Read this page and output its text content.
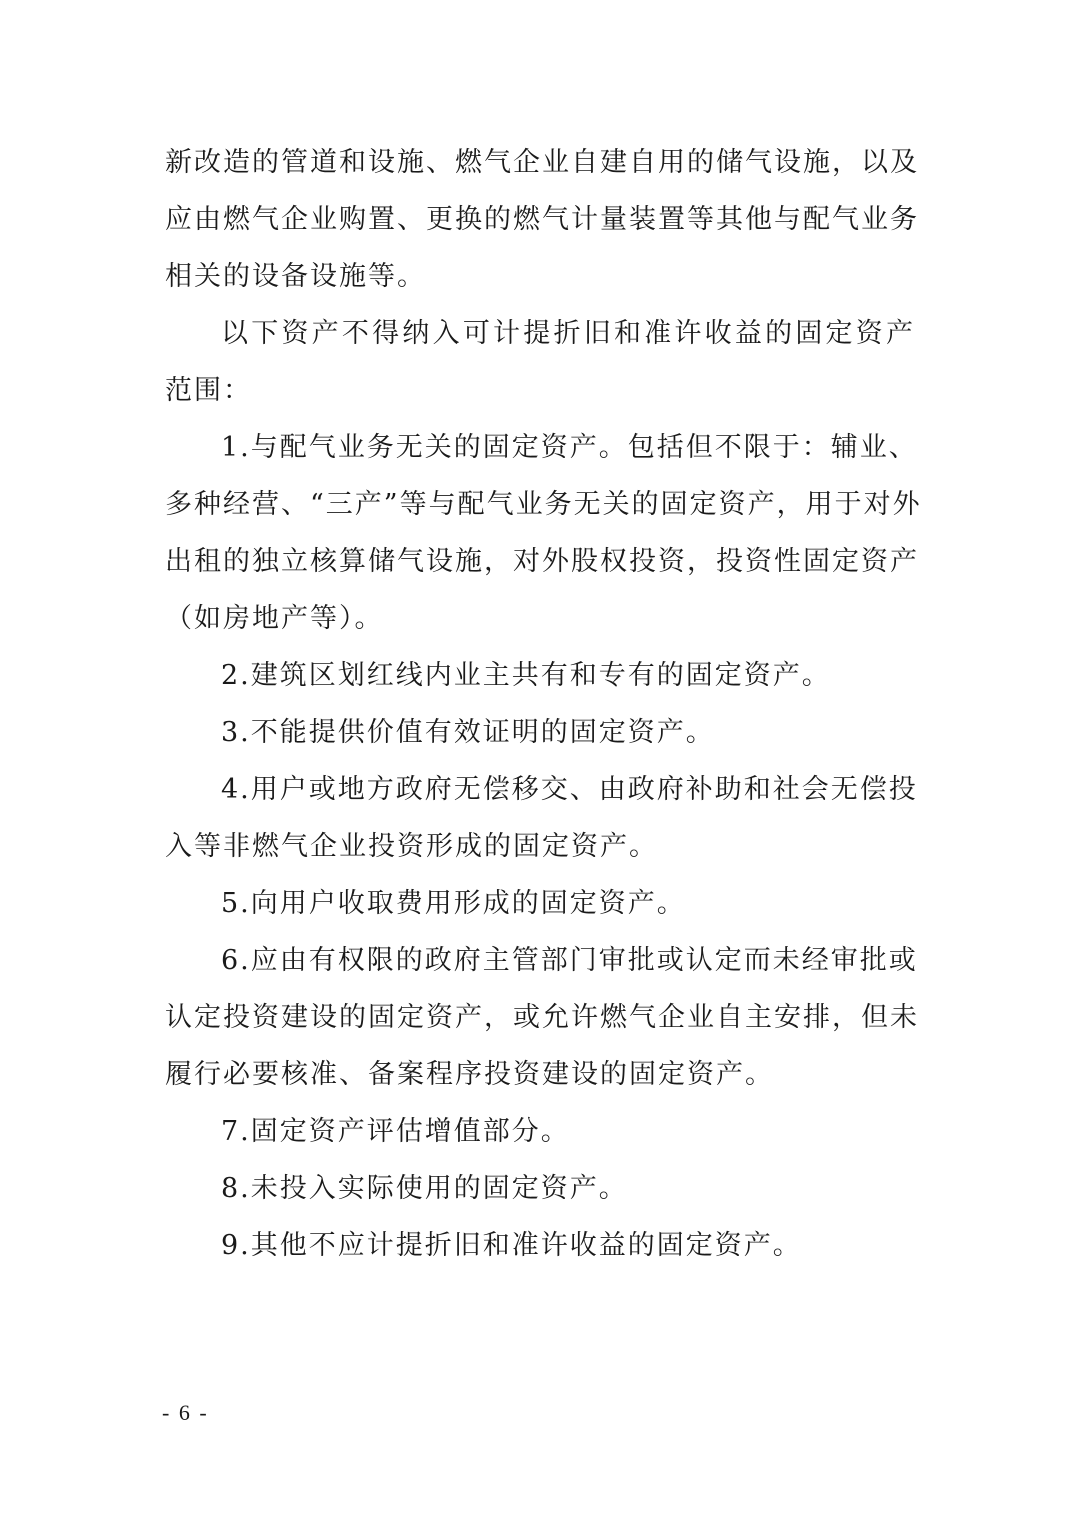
新改造的管道和设施、燃气企业自建自用的储气设施，以及
应由燃气企业购置、更换的燃气计量装置等其他与配气业务
相关的设备设施等。
以下资产不得纳入可计提折旧和准许收益的固定资产
范围：
1.与配气业务无关的固定资产。包括但不限于：辅业、
多种经营、“三产”等与配气业务无关的固定资产，用于对外
出租的独立核算储气设施，对外股权投资，投资性固定资产
（如房地产等）。
2.建筑区划红线内业主共有和专有的固定资产。
3.不能提供价值有效证明的固定资产。
4.用户或地方政府无偿移交、由政府补助和社会无偿投
入等非燃气企业投资形成的固定资产。
5.向用户收取费用形成的固定资产。
6.应由有权限的政府主管部门审批或认定而未经审批或
认定投资建设的固定资产，或允许燃气企业自主安排，但未
履行必要核准、备案程序投资建设的固定资产。
7.固定资产评估增值部分。
8.未投入实际使用的固定资产。
9.其他不应计提折旧和准许收益的固定资产。
- 6 -
